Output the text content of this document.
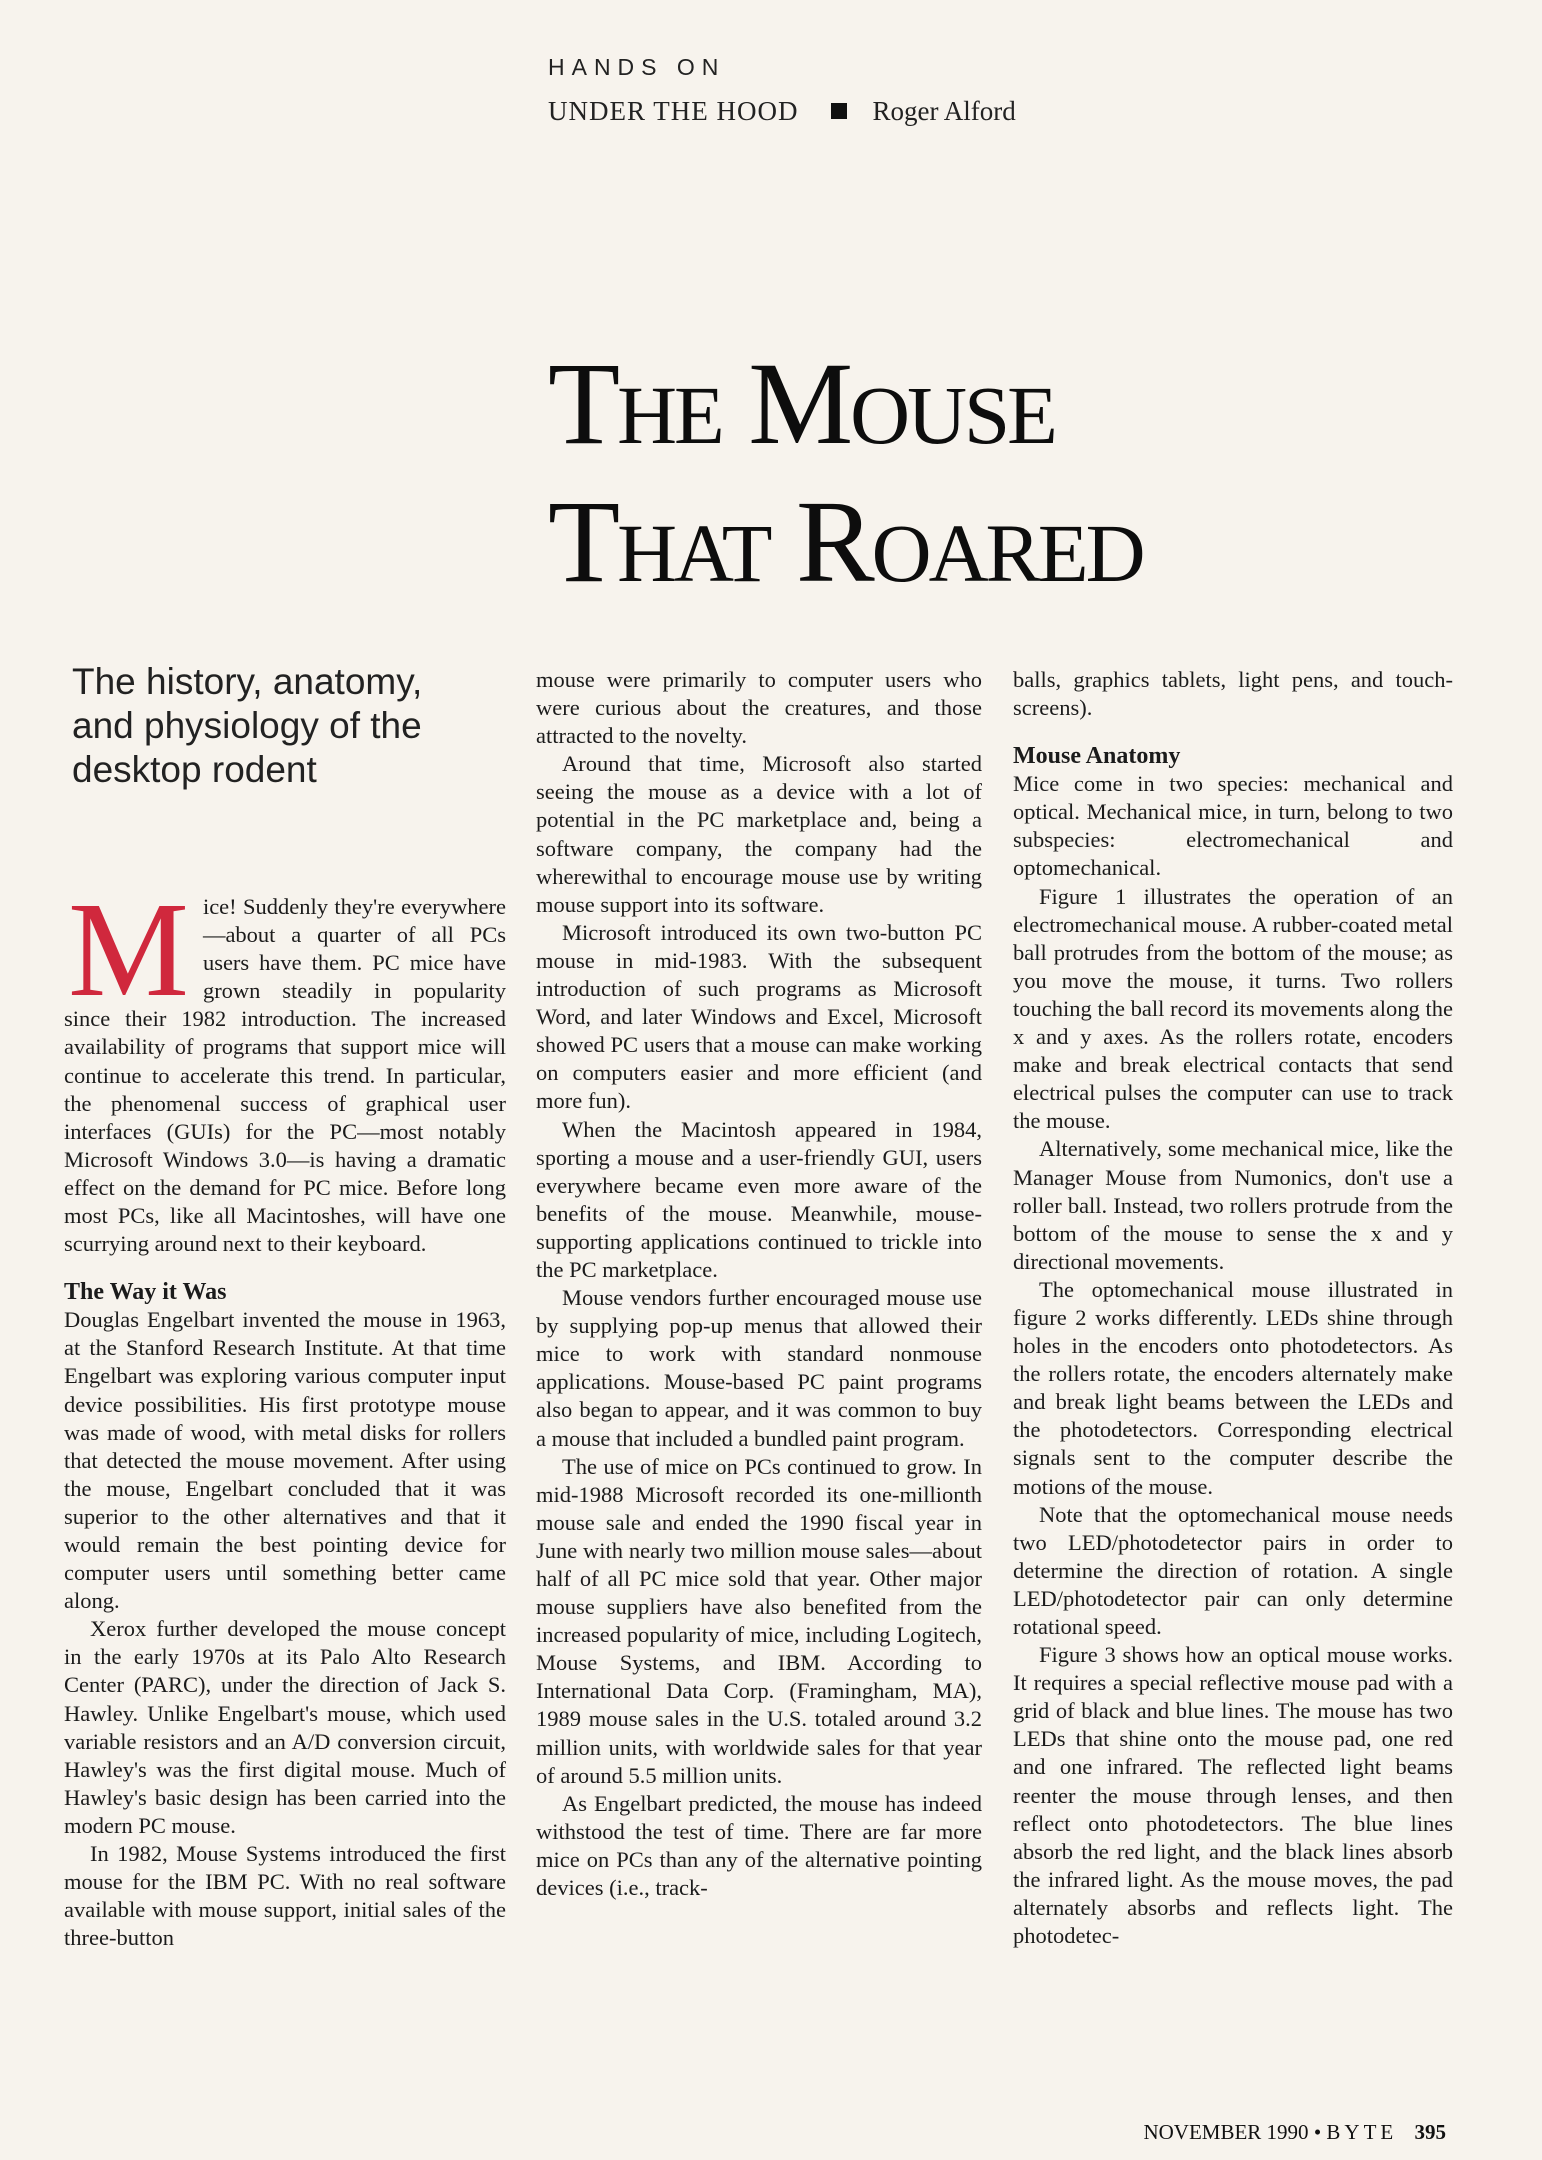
HANDS ON
UNDER THE HOOD	Roger Alford
The Mouse
That Roared
The history, anatomy, and physiology of the desktop rodent

Mice! Suddenly they're everywhere—about a quarter of all PCs users have them. PC mice have grown steadily in popularity since their 1982 introduction. The increased availability of programs that support mice will continue to accelerate this trend. In particular, the phenomenal success of graphical user interfaces (GUIs) for the PC—most notably Microsoft Windows 3.0—is having a dramatic effect on the demand for PC mice. Before long most PCs, like all Macintoshes, will have one scurrying around next to their keyboard.

The Way it Was

Douglas Engelbart invented the mouse in 1963, at the Stanford Research Institute. At that time Engelbart was exploring various computer input device possibilities. His first prototype mouse was made of wood, with metal disks for rollers that detected the mouse movement. After using the mouse, Engelbart concluded that it was superior to the other alternatives and that it would remain the best pointing device for computer users until something better came along.

Xerox further developed the mouse concept in the early 1970s at its Palo Alto Research Center (PARC), under the direction of Jack S. Hawley. Unlike Engelbart's mouse, which used variable resistors and an A/D conversion circuit, Hawley's was the first digital mouse. Much of Hawley's basic design has been carried into the modern PC mouse.

In 1982, Mouse Systems introduced the first mouse for the IBM PC. With no real software available with mouse support, initial sales of the three-button

mouse were primarily to computer users who were curious about the creatures, and those attracted to the novelty.

Around that time, Microsoft also started seeing the mouse as a device with a lot of potential in the PC marketplace and, being a software company, the company had the wherewithal to encourage mouse use by writing mouse support into its software.

Microsoft introduced its own two-button PC mouse in mid-1983. With the subsequent introduction of such programs as Microsoft Word, and later Windows and Excel, Microsoft showed PC users that a mouse can make working on computers easier and more efficient (and more fun).

When the Macintosh appeared in 1984, sporting a mouse and a user-friendly GUI, users everywhere became even more aware of the benefits of the mouse. Meanwhile, mouse-supporting applications continued to trickle into the PC marketplace.

Mouse vendors further encouraged mouse use by supplying pop-up menus that allowed their mice to work with standard nonmouse applications. Mouse-based PC paint programs also began to appear, and it was common to buy a mouse that included a bundled paint program.

The use of mice on PCs continued to grow. In mid-1988 Microsoft recorded its one-millionth mouse sale and ended the 1990 fiscal year in June with nearly two million mouse sales—about half of all PC mice sold that year. Other major mouse suppliers have also benefited from the increased popularity of mice, including Logitech, Mouse Systems, and IBM. According to International Data Corp. (Framingham, MA), 1989 mouse sales in the U.S. totaled around 3.2 million units, with worldwide sales for that year of around 5.5 million units.

As Engelbart predicted, the mouse has indeed withstood the test of time. There are far more mice on PCs than any of the alternative pointing devices (i.e., track-

balls, graphics tablets, light pens, and touch-screens).

Mouse Anatomy

Mice come in two species: mechanical and optical. Mechanical mice, in turn, belong to two subspecies: electromechanical and optomechanical.

Figure 1 illustrates the operation of an electromechanical mouse. A rubber-coated metal ball protrudes from the bottom of the mouse; as you move the mouse, it turns. Two rollers touching the ball record its movements along the x and y axes. As the rollers rotate, encoders make and break electrical contacts that send electrical pulses the computer can use to track the mouse.

Alternatively, some mechanical mice, like the Manager Mouse from Numonics, don't use a roller ball. Instead, two rollers protrude from the bottom of the mouse to sense the x and y directional movements.

The optomechanical mouse illustrated in figure 2 works differently. LEDs shine through holes in the encoders onto photodetectors. As the rollers rotate, the encoders alternately make and break light beams between the LEDs and the photodetectors. Corresponding electrical signals sent to the computer describe the motions of the mouse.

Note that the optomechanical mouse needs two LED/photodetector pairs in order to determine the direction of rotation. A single LED/photodetector pair can only determine rotational speed.

Figure 3 shows how an optical mouse works. It requires a special reflective mouse pad with a grid of black and blue lines. The mouse has two LEDs that shine onto the mouse pad, one red and one infrared. The reflected light beams reenter the mouse through lenses, and then reflect onto photodetectors. The blue lines absorb the red light, and the black lines absorb the infrared light. As the mouse moves, the pad alternately absorbs and reflects light. The photodetec-

NOVEMBER 1990 • BYTE 395
